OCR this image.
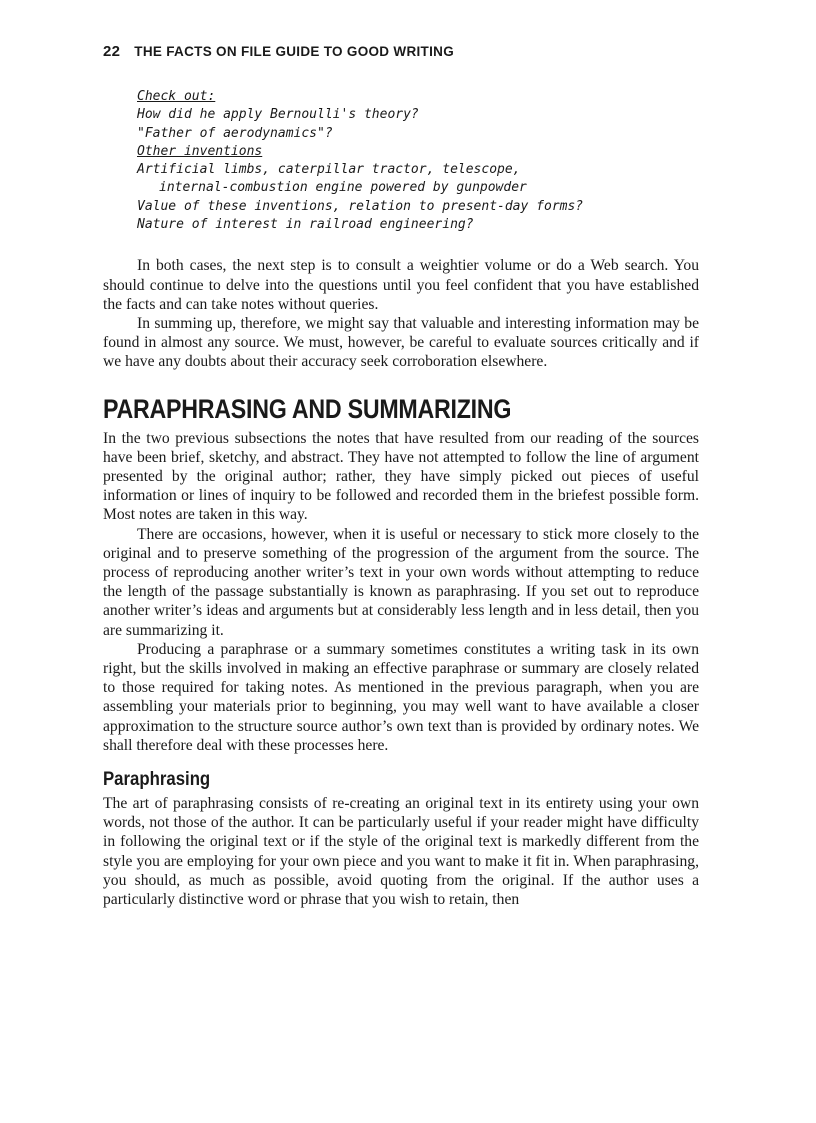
22 THE FACTS ON FILE GUIDE TO GOOD WRITING

Check out:
How did he apply Bernoulli's theory?
"Father of aerodynamics"?
Other inventions
Artificial limbs, caterpillar tractor, telescope,
internal-combustion engine powered by gunpowder
Value of these inventions, relation to present-day forms?
Nature of interest in railroad engineering?

In both cases, the next step is to consult a weightier volume or do a Web search. You should continue to delve into the questions until you feel confident that you have established the facts and can take notes without queries.

In summing up, therefore, we might say that valuable and interesting information may be found in almost any source. We must, however, be careful to evaluate sources critically and if we have any doubts about their accuracy seek corroboration elsewhere.

PARAPHRASING AND SUMMARIZING

In the two previous subsections the notes that have resulted from our reading of the sources have been brief, sketchy, and abstract. They have not attempted to follow the line of argument presented by the original author; rather, they have simply picked out pieces of useful information or lines of inquiry to be followed and recorded them in the briefest possible form. Most notes are taken in this way.

There are occasions, however, when it is useful or necessary to stick more closely to the original and to preserve something of the progression of the argument from the source. The process of reproducing another writer’s text in your own words without attempting to reduce the length of the passage substantially is known as paraphrasing. If you set out to reproduce another writer’s ideas and arguments but at considerably less length and in less detail, then you are summarizing it.

Producing a paraphrase or a summary sometimes constitutes a writing task in its own right, but the skills involved in making an effective paraphrase or summary are closely related to those required for taking notes. As mentioned in the previous paragraph, when you are assembling your materials prior to beginning, you may well want to have available a closer approximation to the structure source author’s own text than is provided by ordinary notes. We shall therefore deal with these processes here.

Paraphrasing

The art of paraphrasing consists of re-creating an original text in its entirety using your own words, not those of the author. It can be particularly useful if your reader might have difficulty in following the original text or if the style of the original text is markedly different from the style you are employing for your own piece and you want to make it fit in. When paraphrasing, you should, as much as possible, avoid quoting from the original. If the author uses a particularly distinctive word or phrase that you wish to retain, then
